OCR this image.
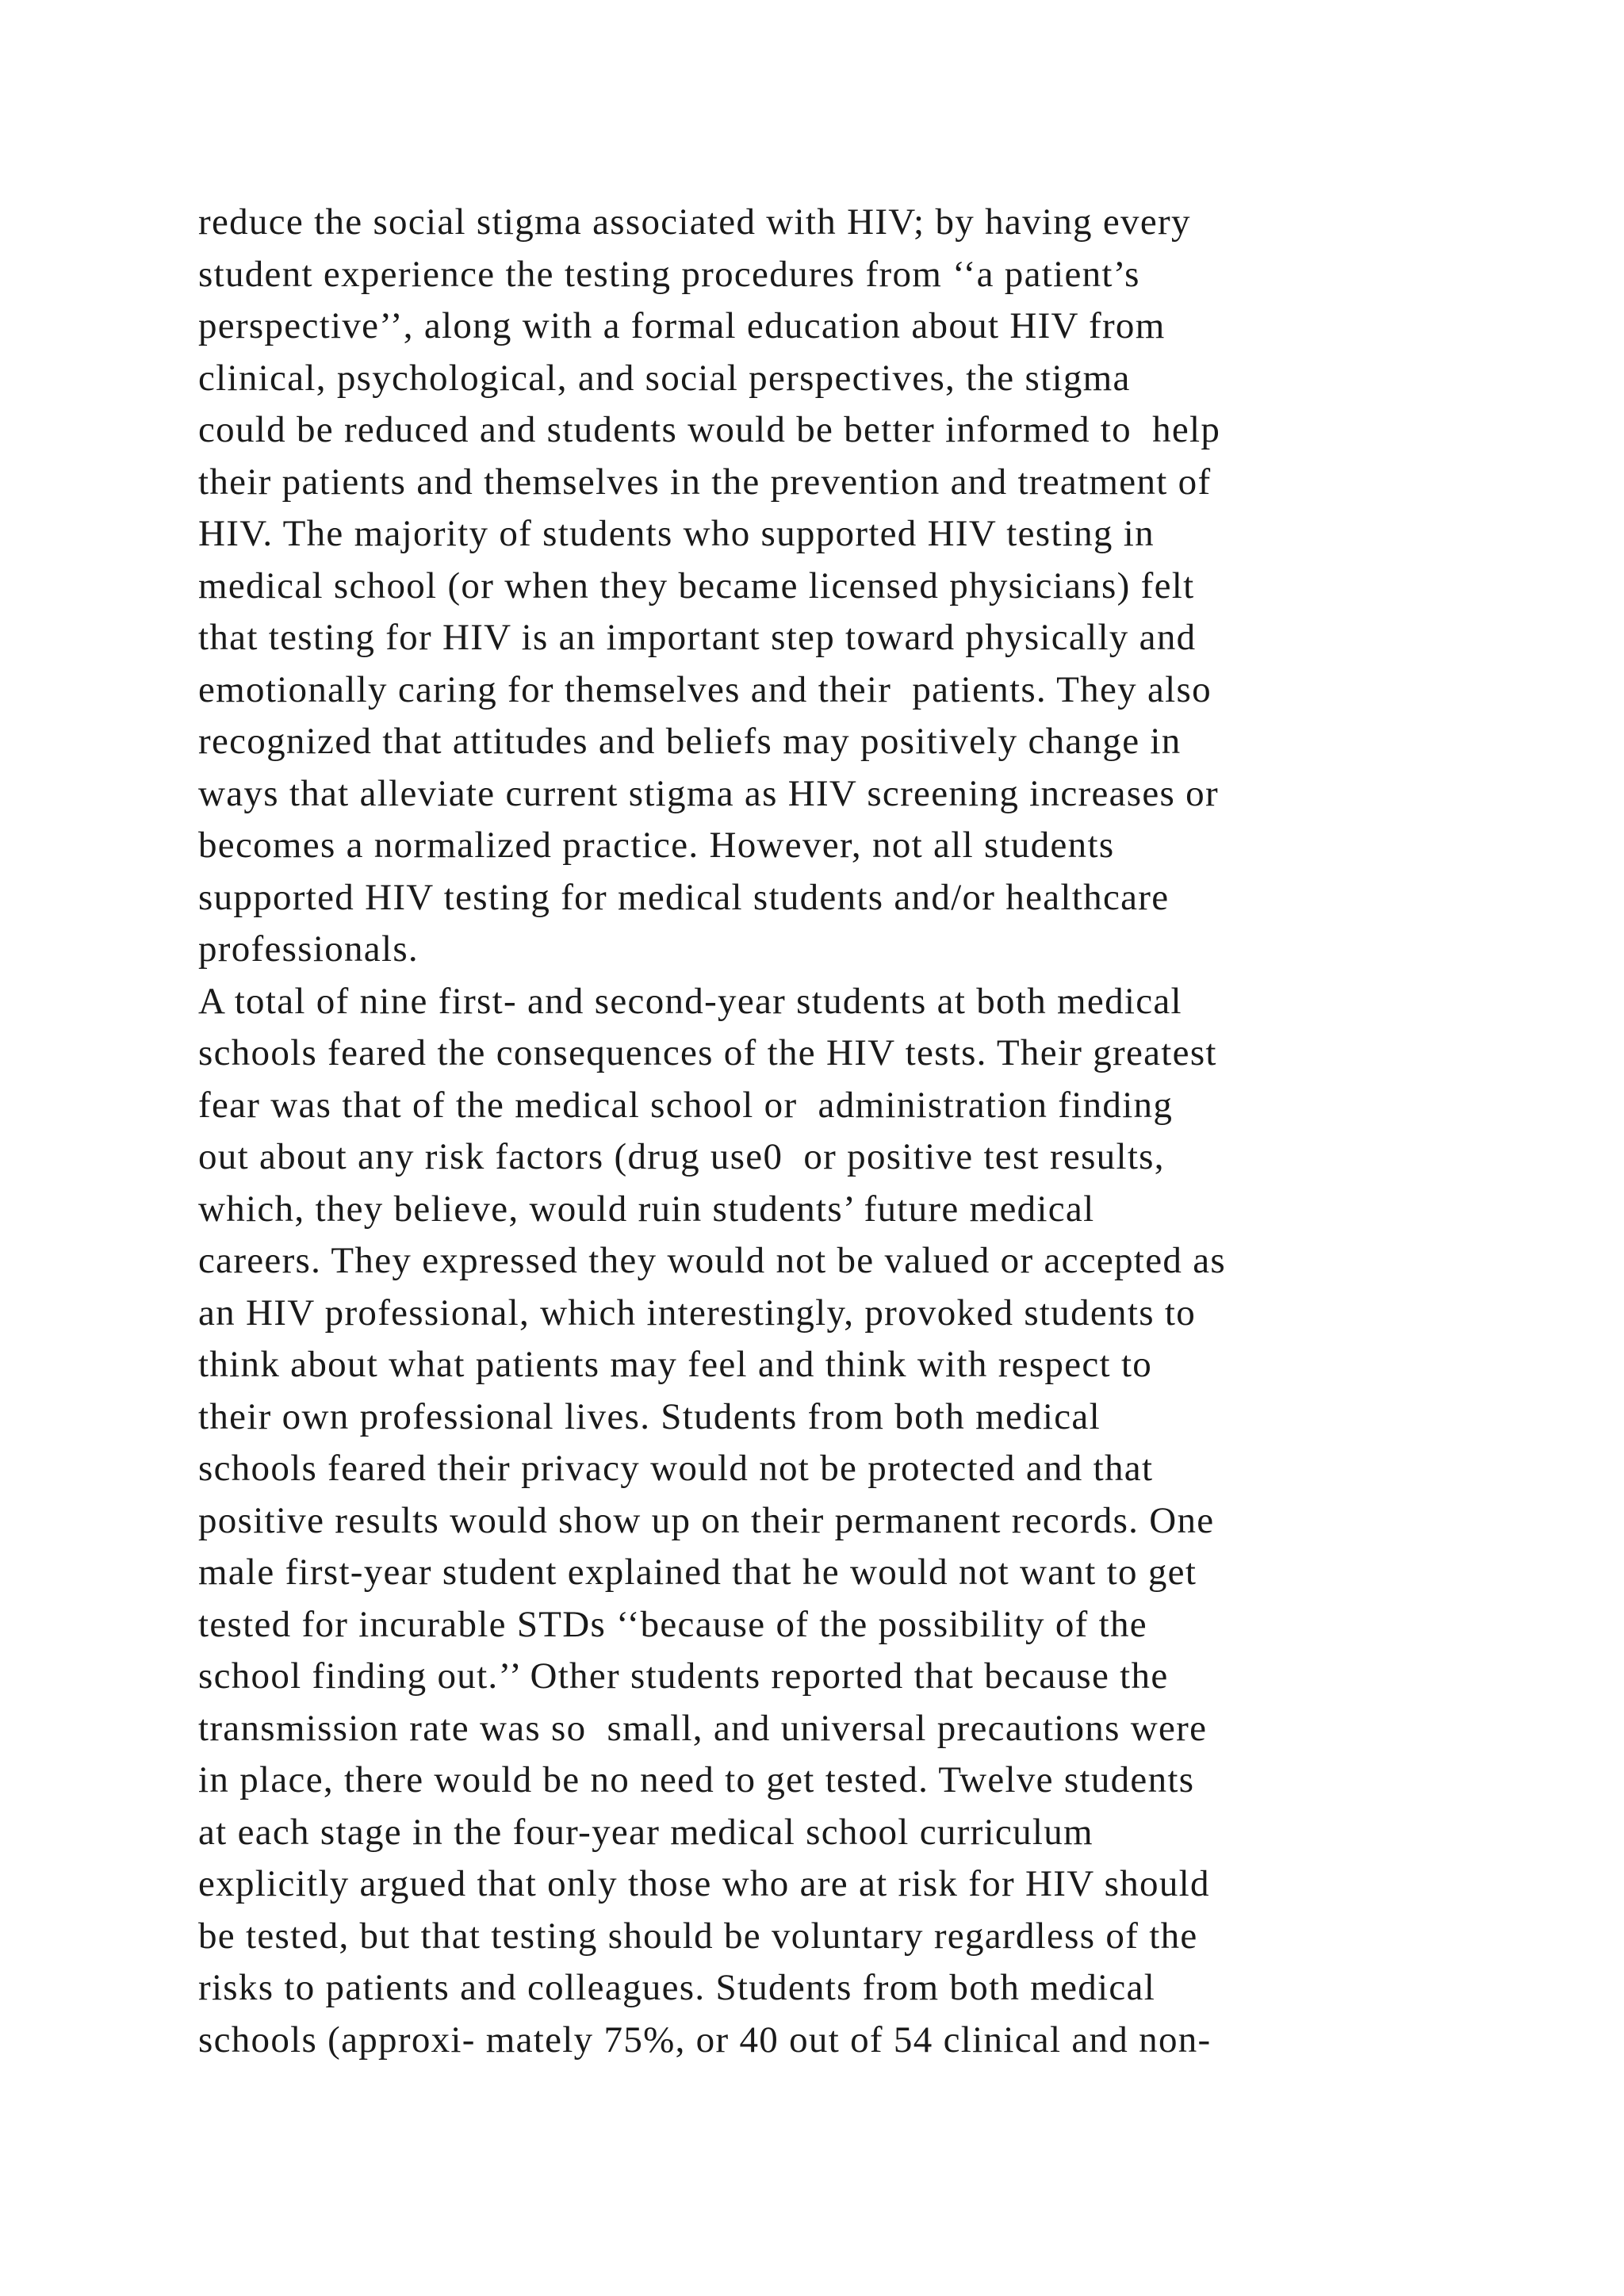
reduce the social stigma associated with HIV; by having every
student experience the testing procedures from ‘‘a patient’s
perspective’’, along with a formal education about HIV from
clinical, psychological, and social perspectives, the stigma
could be reduced and students would be better informed to  help
their patients and themselves in the prevention and treatment of
HIV. The majority of students who supported HIV testing in
medical school (or when they became licensed physicians) felt
that testing for HIV is an important step toward physically and
emotionally caring for themselves and their  patients. They also
recognized that attitudes and beliefs may positively change in
ways that alleviate current stigma as HIV screening increases or
becomes a normalized practice. However, not all students
supported HIV testing for medical students and/or healthcare
professionals.
A total of nine first- and second-year students at both medical
schools feared the consequences of the HIV tests. Their greatest
fear was that of the medical school or  administration finding
out about any risk factors (drug use0  or positive test results,
which, they believe, would ruin students’ future medical
careers. They expressed they would not be valued or accepted as
an HIV professional, which interestingly, provoked students to
think about what patients may feel and think with respect to
their own professional lives. Students from both medical
schools feared their privacy would not be protected and that
positive results would show up on their permanent records. One
male first-year student explained that he would not want to get
tested for incurable STDs ‘‘because of the possibility of the
school finding out.’’ Other students reported that because the
transmission rate was so  small, and universal precautions were
in place, there would be no need to get tested. Twelve students
at each stage in the four-year medical school curriculum
explicitly argued that only those who are at risk for HIV should
be tested, but that testing should be voluntary regardless of the
risks to patients and colleagues. Students from both medical
schools (approxi- mately 75%, or 40 out of 54 clinical and non-
